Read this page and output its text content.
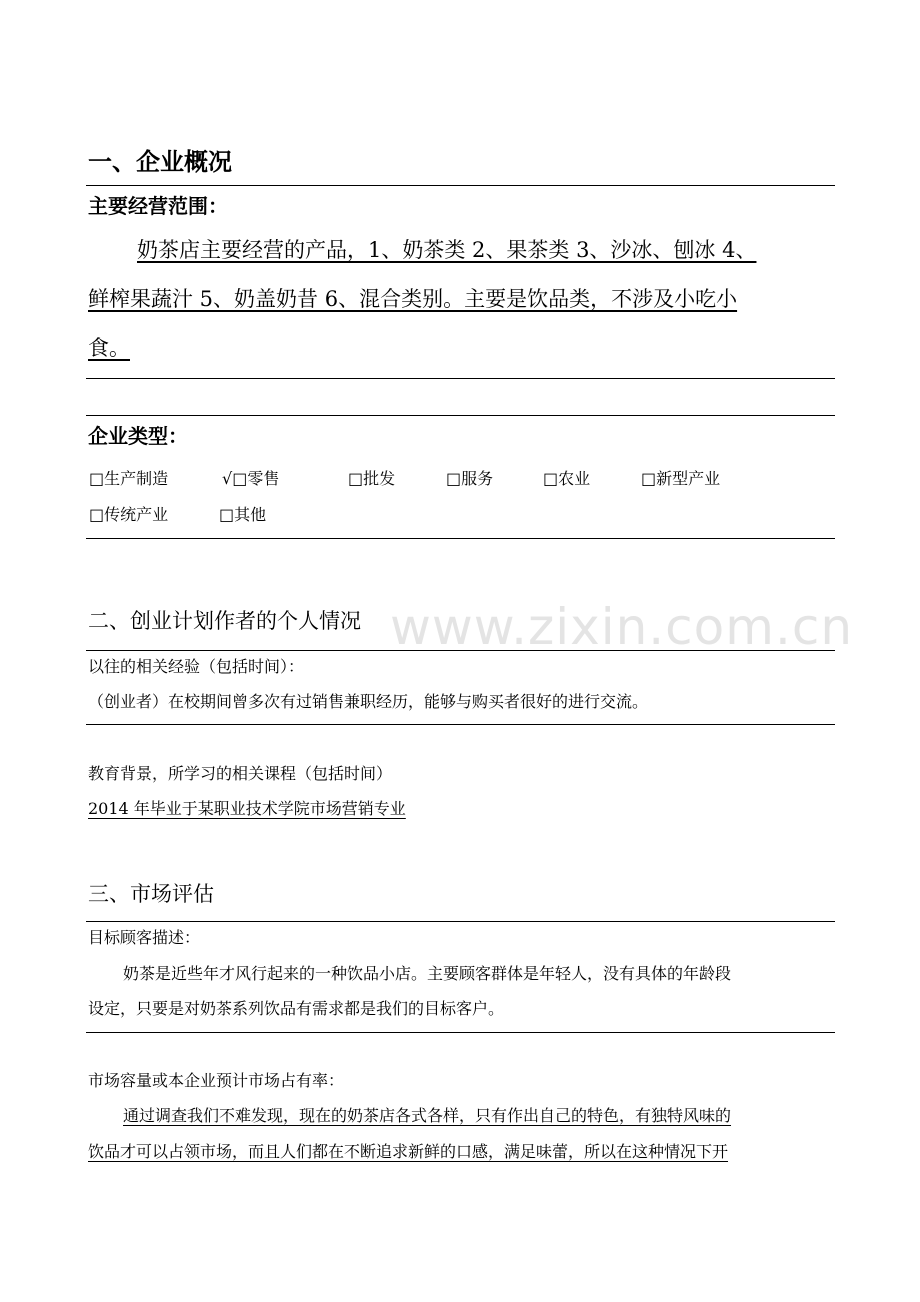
www.zixin.com.cn
一、企业概况
主要经营范围：
奶茶店主要经营的产品，1、奶茶类 2、果茶类 3、沙冰、刨冰 4、
鲜榨果蔬汁 5、奶盖奶昔 6、混合类别。主要是饮品类，不涉及小吃小
食。
企业类型：
□生产制造	√□零售	□批发	□服务	□农业	□新型产业
□传统产业	□其他
二、创业计划作者的个人情况
以往的相关经验（包括时间）：
（创业者）在校期间曾多次有过销售兼职经历，能够与购买者很好的进行交流。
教育背景，所学习的相关课程（包括时间）
2014 年毕业于某职业技术学院市场营销专业
三、市场评估
目标顾客描述：
奶茶是近些年才风行起来的一种饮品小店。主要顾客群体是年轻人，没有具体的年龄段
设定，只要是对奶茶系列饮品有需求都是我们的目标客户。
市场容量或本企业预计市场占有率：
通过调查我们不难发现，现在的奶茶店各式各样，只有作出自己的特色，有独特风味的
饮品才可以占领市场，而且人们都在不断追求新鲜的口感，满足味蕾，所以在这种情况下开
